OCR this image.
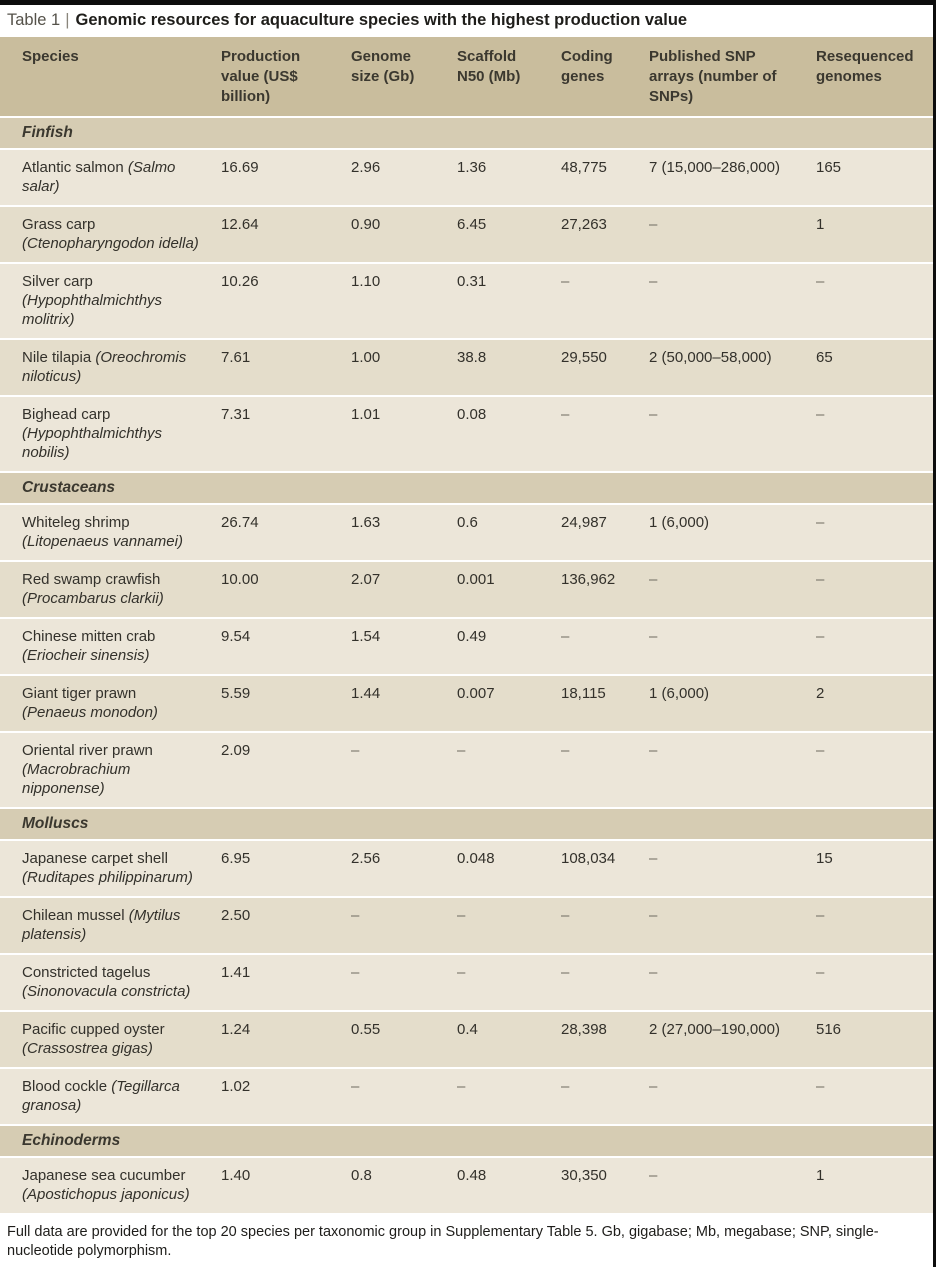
Table 1 | Genomic resources for aquaculture species with the highest production value
Species	Production value (US$ billion)	Genome size (Gb)	Scaffold N50 (Mb)	Coding genes	Published SNP arrays (number of SNPs)	Resequenced genomes
Finfish						
Atlantic salmon (Salmo salar)	16.69	2.96	1.36	48,775	7 (15,000–286,000)	165
Grass carp (Ctenopharyngodon idella)	12.64	0.90	6.45	27,263	–	1
Silver carp (Hypophthalmichthys molitrix)	10.26	1.10	0.31	–	–	–
Nile tilapia (Oreochromis niloticus)	7.61	1.00	38.8	29,550	2 (50,000–58,000)	65
Bighead carp (Hypophthalmichthys nobilis)	7.31	1.01	0.08	–	–	–
Crustaceans						
Whiteleg shrimp (Litopenaeus vannamei)	26.74	1.63	0.6	24,987	1 (6,000)	–
Red swamp crawfish (Procambarus clarkii)	10.00	2.07	0.001	136,962	–	–
Chinese mitten crab (Eriocheir sinensis)	9.54	1.54	0.49	–	–	–
Giant tiger prawn (Penaeus monodon)	5.59	1.44	0.007	18,115	1 (6,000)	2
Oriental river prawn (Macrobrachium nipponense)	2.09	–	–	–	–	–
Molluscs						
Japanese carpet shell (Ruditapes philippinarum)	6.95	2.56	0.048	108,034	–	15
Chilean mussel (Mytilus platensis)	2.50	–	–	–	–	–
Constricted tagelus (Sinonovacula constricta)	1.41	–	–	–	–	–
Pacific cupped oyster (Crassostrea gigas)	1.24	0.55	0.4	28,398	2 (27,000–190,000)	516
Blood cockle (Tegillarca granosa)	1.02	–	–	–	–	–
Echinoderms						
Japanese sea cucumber (Apostichopus japonicus)	1.40	0.8	0.48	30,350	–	1
Full data are provided for the top 20 species per taxonomic group in Supplementary Table 5. Gb, gigabase; Mb, megabase; SNP, single-nucleotide polymorphism.
